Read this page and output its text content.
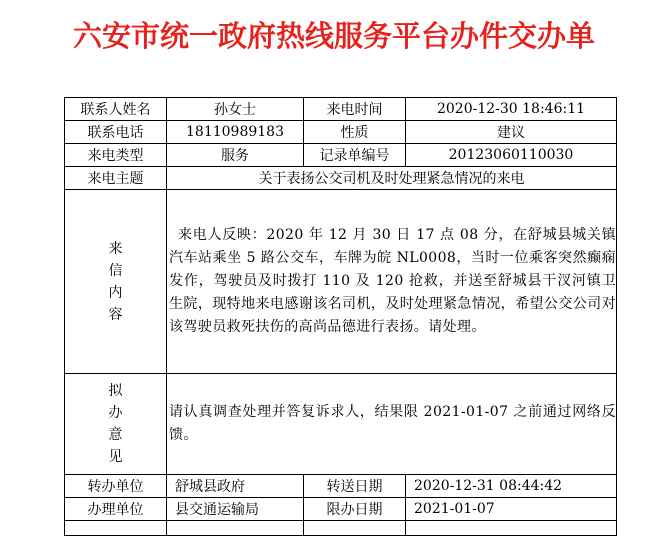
六安市统一政府热线服务平台办件交办单
联系人姓名	孙女士	来电时间	2020-12-30 18:46:11
联系电话	18110989183	性质	建议
来电类型	服务	记录单编号	20123060110030
来电主题	关于表扬公交司机及时处理紧急情况的来电		

来
信
内
容	来电人反映：2020 年 12 月 30 日 17 点 08 分，在舒城县城关镇汽车站乘坐 5 路公交车，车牌为皖 NL0008，当时一位乘客突然癫痫发作，驾驶员及时拨打 110 及 120 抢救，并送至舒城县干汊河镇卫生院，现特地来电感谢该名司机，及时处理紧急情况，希望公交公司对该驾驶员救死扶伤的高尚品德进行表扬。请处理。		

拟
办
意
见	请认真调查处理并答复诉求人，结果限 2021-01-07 之前通过网络反馈。		
转办单位	舒城县政府	转送日期	2020-12-31 08:44:42
办理单位	县交通运输局	限办日期	2021-01-07
